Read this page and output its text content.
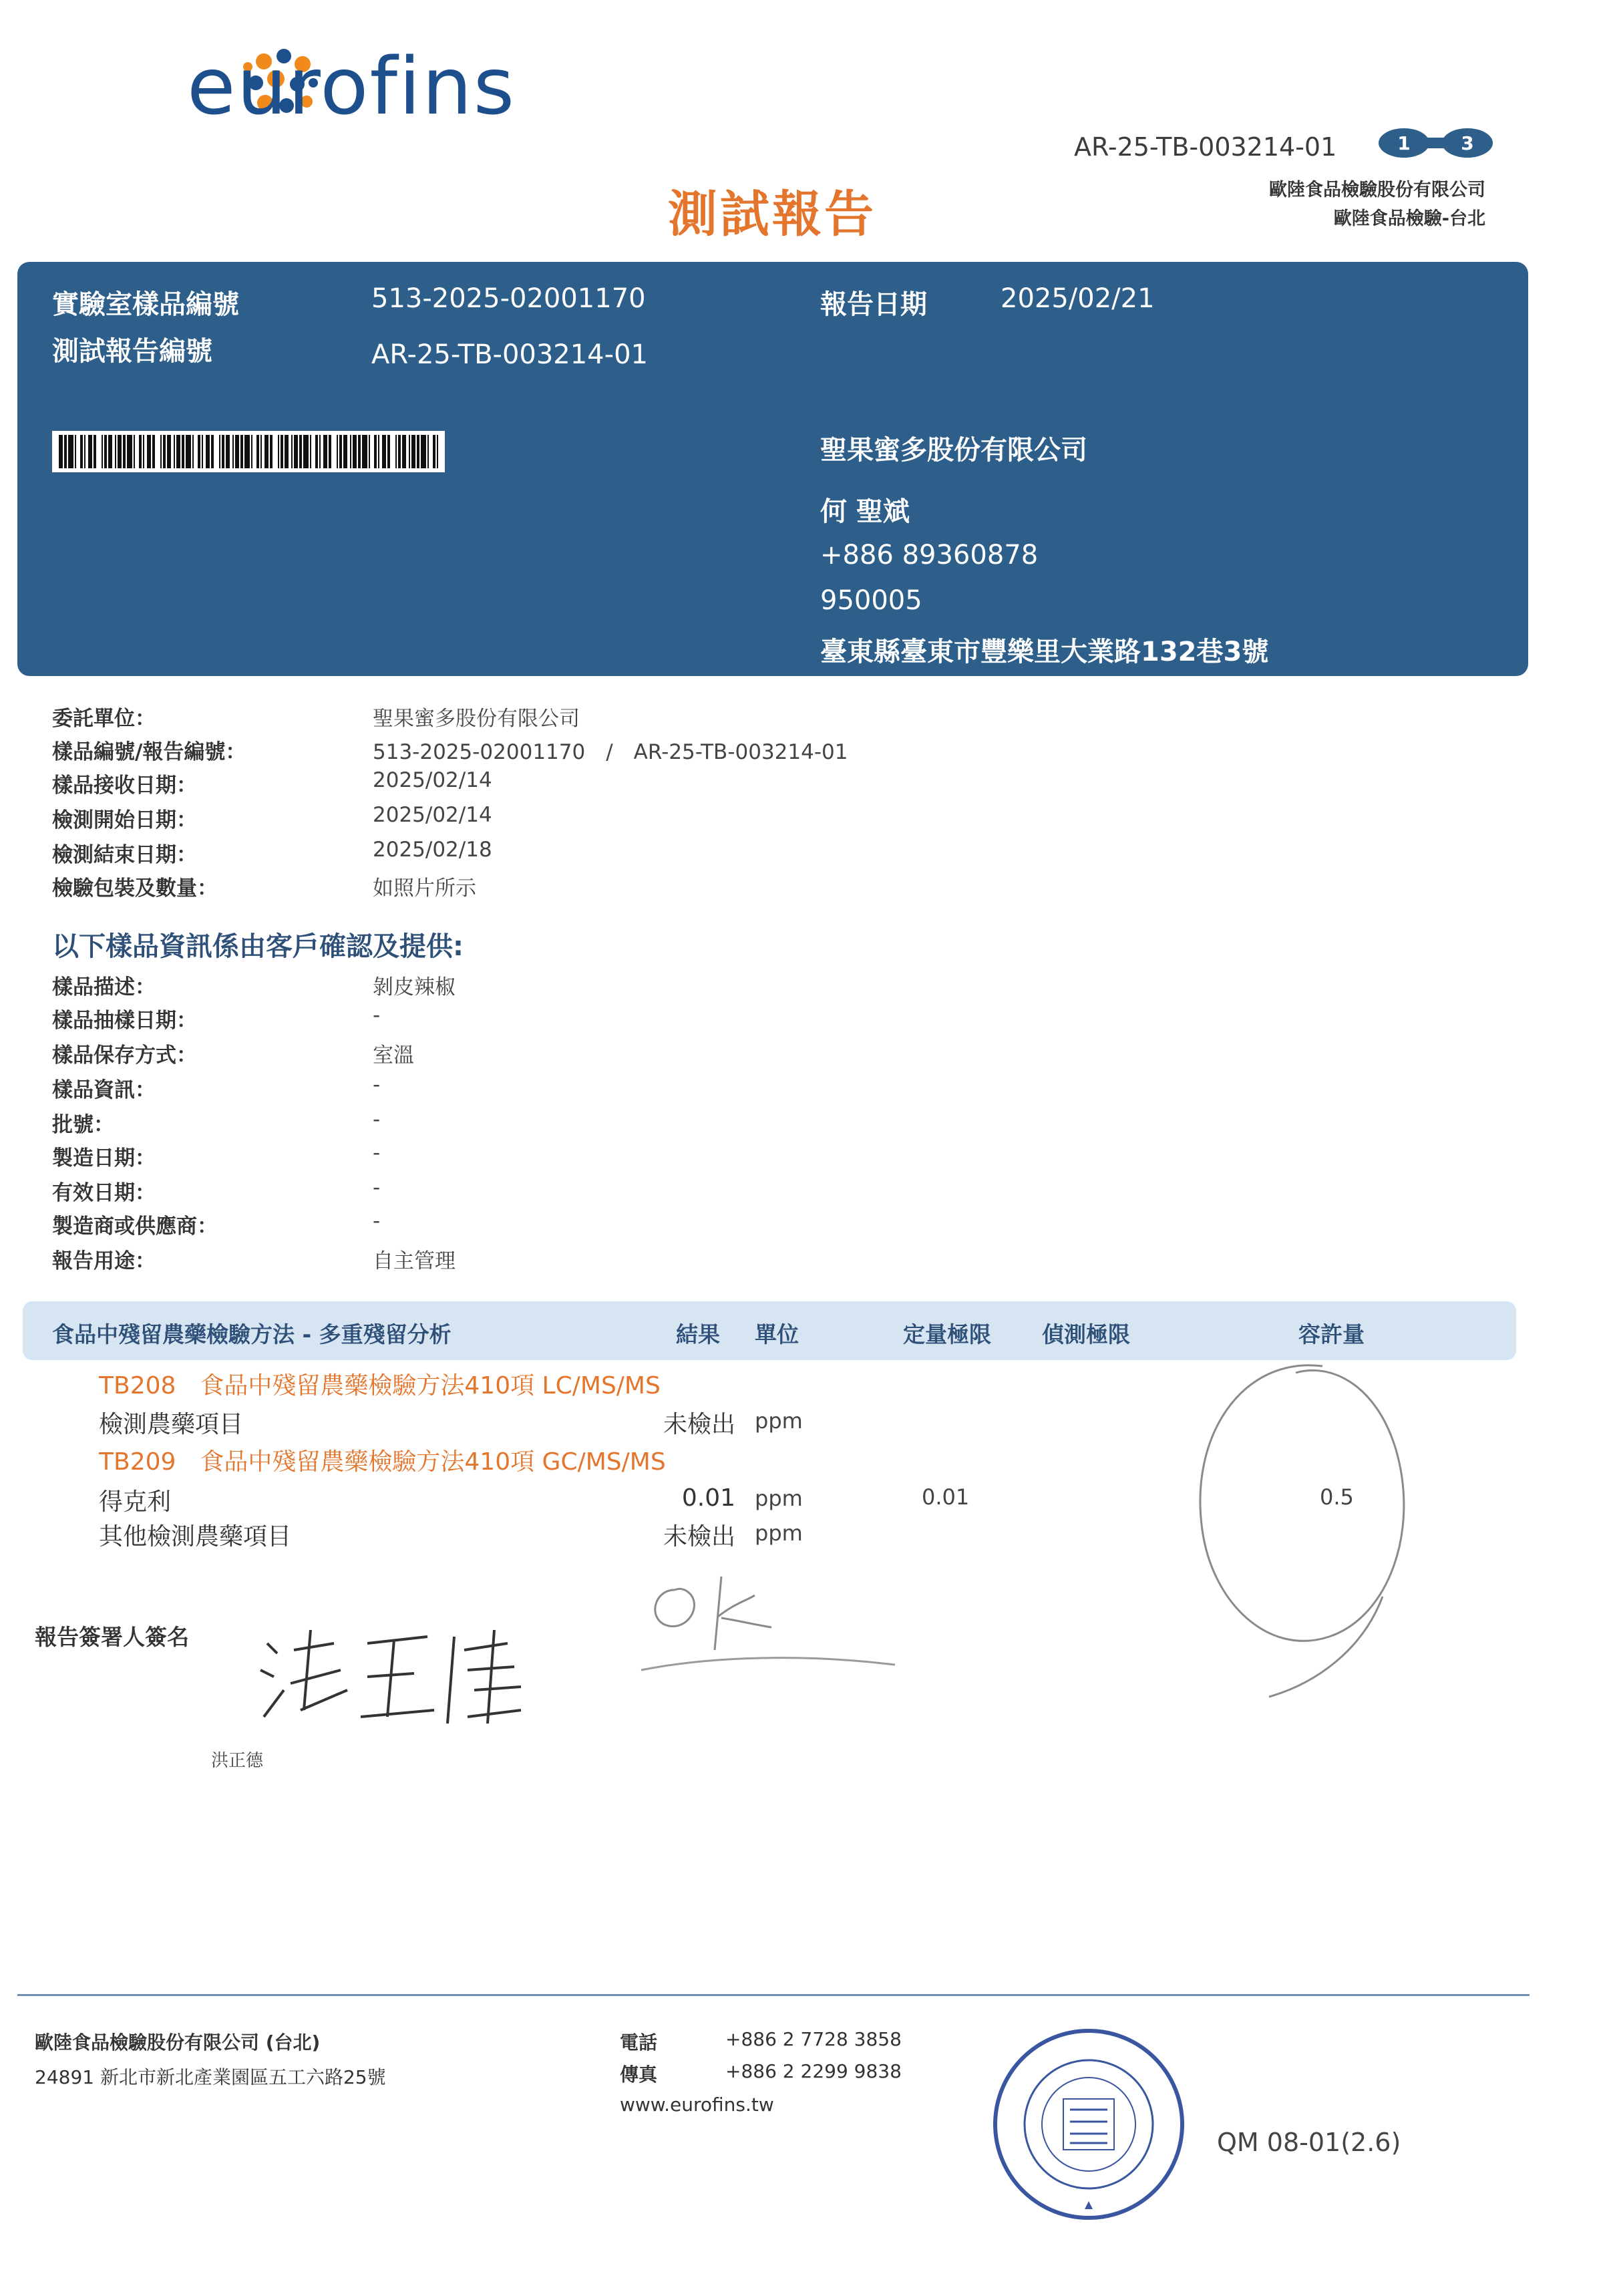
eurofins
AR-25-TB-003214-01	1	3
歐陸食品檢驗股份有限公司
歐陸食品檢驗-台北
測試報告
實驗室樣品編號	513-2025-02001170
測試報告編號	AR-25-TB-003214-01
報告日期	2025/02/21
聖果蜜多股份有限公司
何 聖斌
+886 89360878
950005
臺東縣臺東市豐樂里大業路132巷3號
委託單位：	聖果蜜多股份有限公司
樣品編號/報告編號：	513-2025-02001170　/　AR-25-TB-003214-01
樣品接收日期：	2025/02/14
檢測開始日期：	2025/02/14
檢測結束日期：	2025/02/18
檢驗包裝及數量：	如照片所示
以下樣品資訊係由客戶確認及提供:
樣品描述：	剝皮辣椒
樣品抽樣日期：	-
樣品保存方式：	室溫
樣品資訊：	-
批號：	-
製造日期：	-
有效日期：	-
製造商或供應商：	-
報告用途：	自主管理
食品中殘留農藥檢驗方法 - 多重殘留分析	結果 單位	定量極限 偵測極限	容許量
TB208　食品中殘留農藥檢驗方法410項 LC/MS/MS
檢測農藥項目	未檢出 ppm
TB209　食品中殘留農藥檢驗方法410項 GC/MS/MS
得克利	0.01 ppm	0.01	0.5
其他檢測農藥項目	未檢出 ppm
報告簽署人簽名
洪正德
歐陸食品檢驗股份有限公司 (台北)
24891 新北市新北產業園區五工六路25號
電話	+886 2 7728 3858
傳真	+886 2 2299 9838
www.eurofins.tw
QM 08-01(2.6)
